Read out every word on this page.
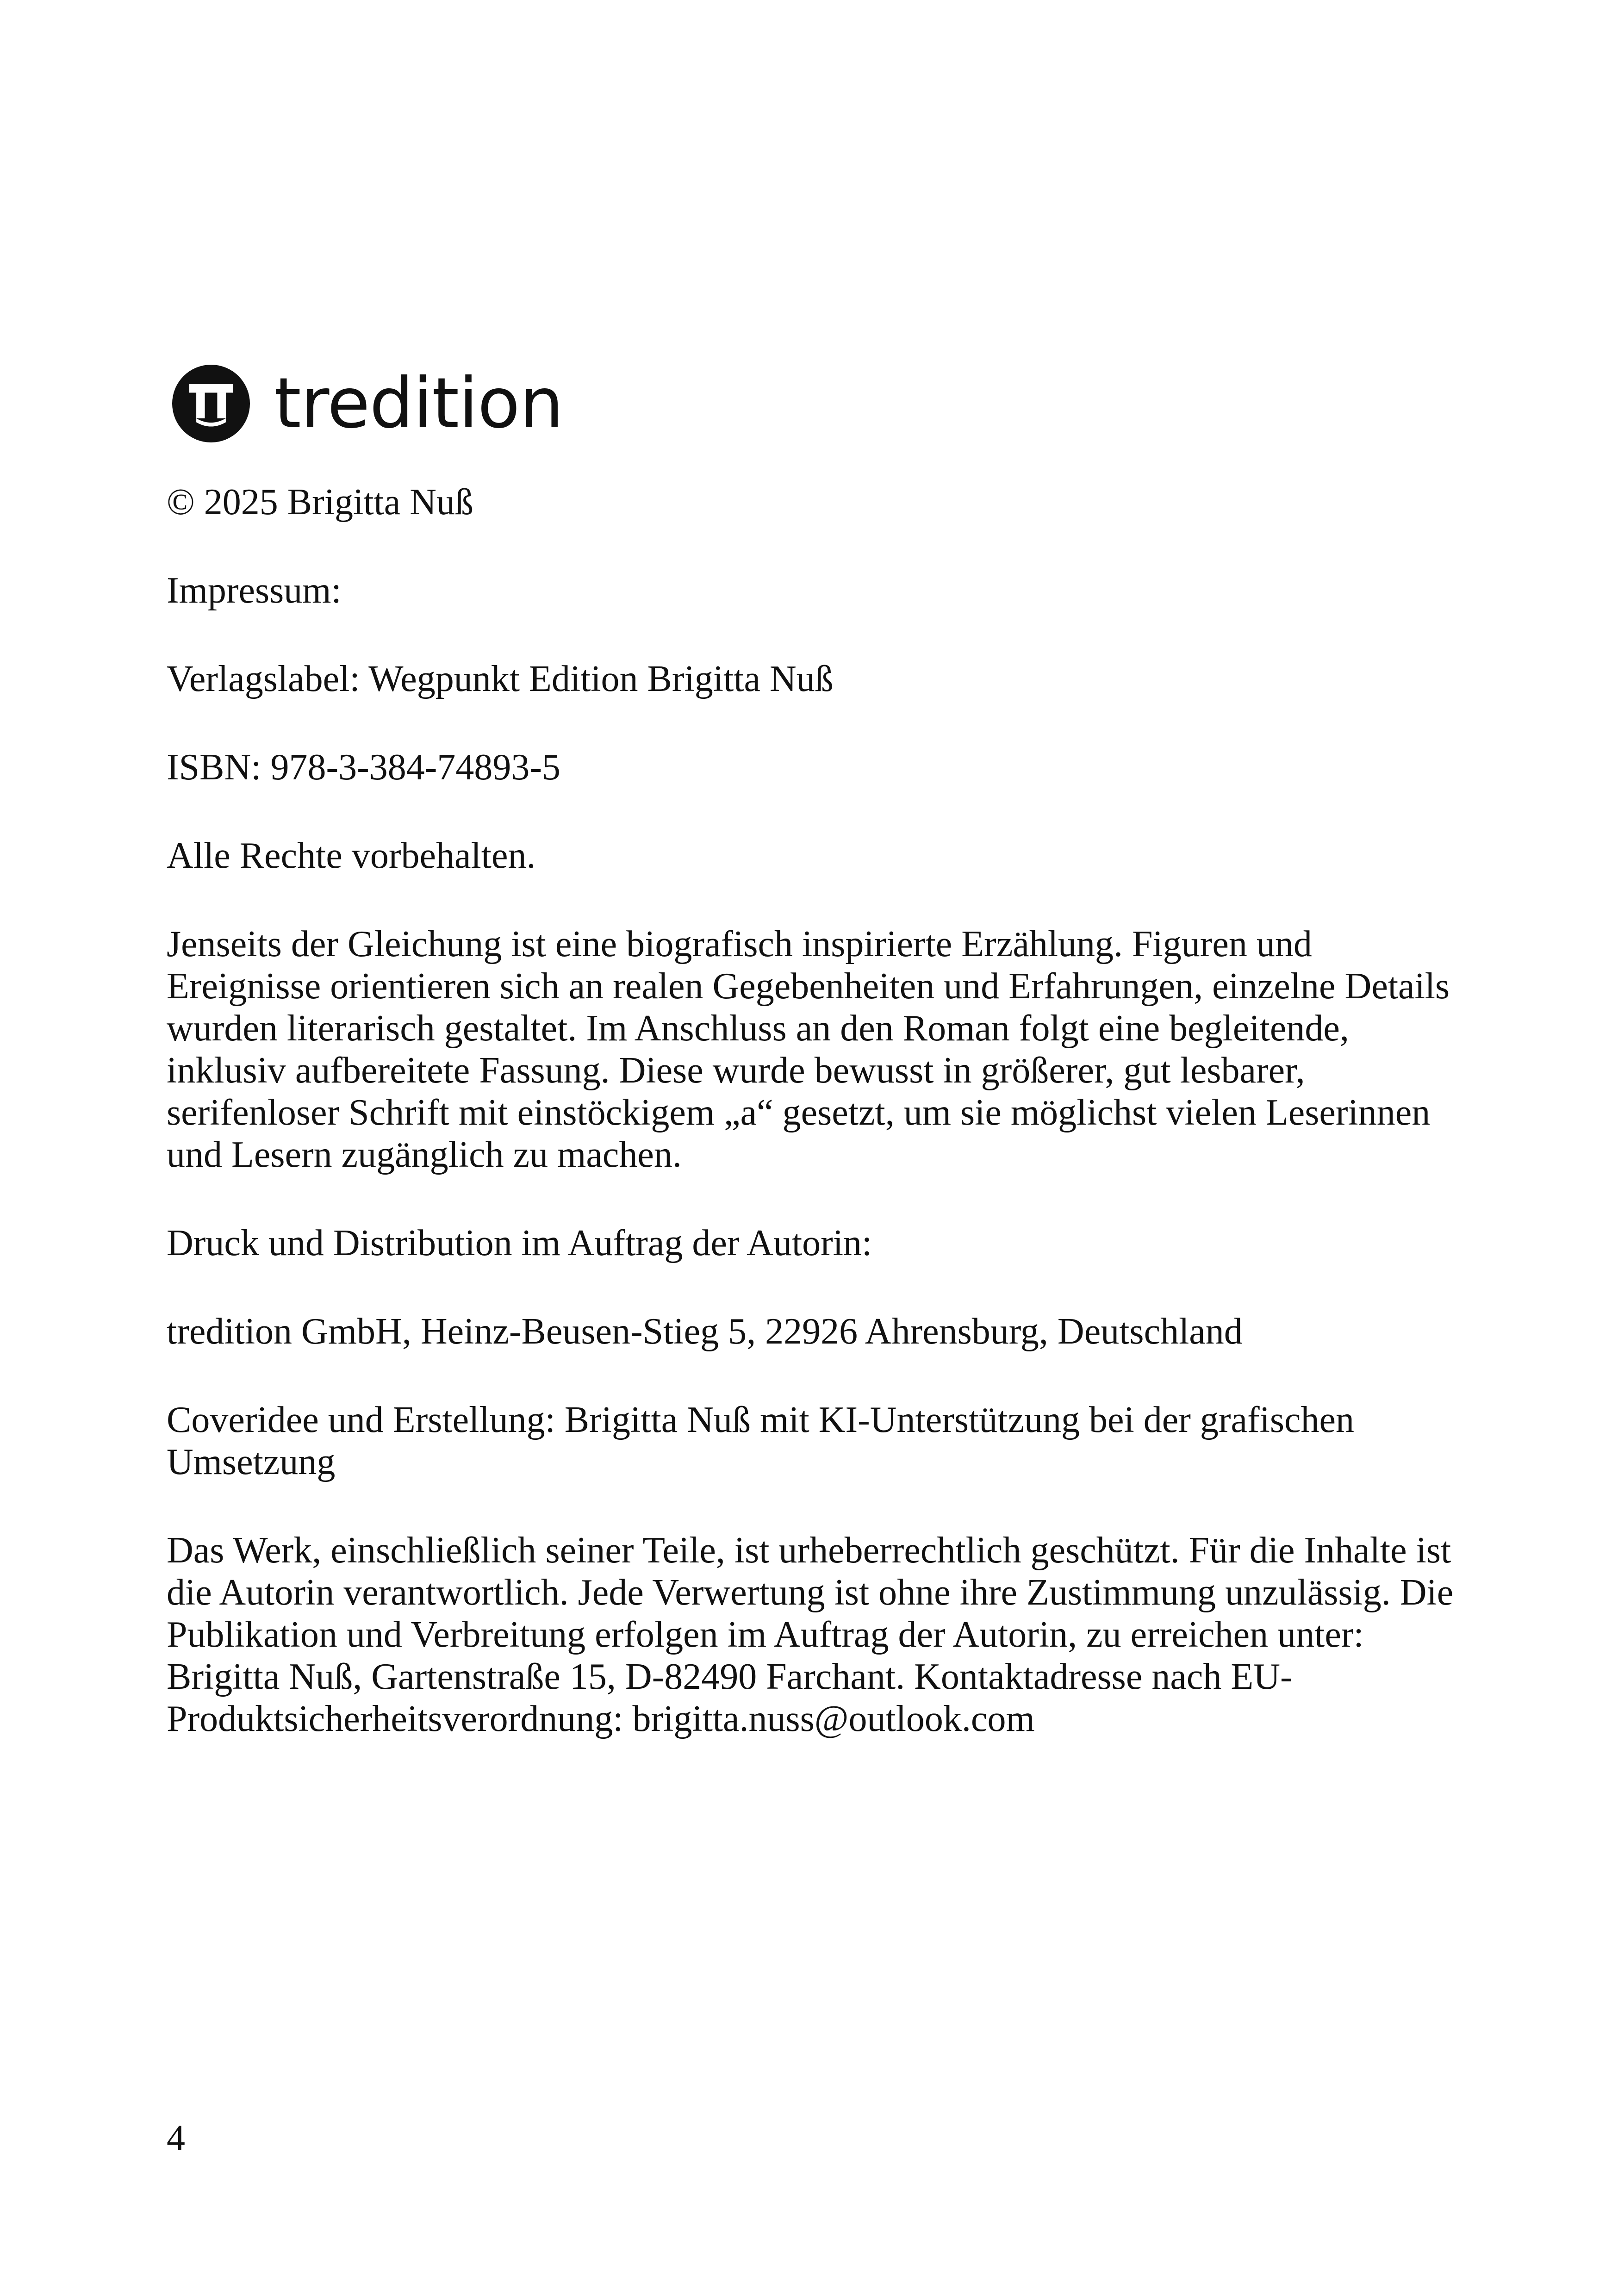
tredition

© 2025 Brigitta Nuß

Impressum:

Verlagslabel: Wegpunkt Edition Brigitta Nuß

ISBN: 978-3-384-74893-5

Alle Rechte vorbehalten.

Jenseits der Gleichung ist eine biografisch inspirierte Erzählung. Figuren und Ereignisse orientieren sich an realen Gegebenheiten und Erfahrungen, einzelne Details wurden literarisch gestaltet. Im Anschluss an den Roman folgt eine begleitende, inklusiv aufbereitete Fassung. Diese wurde bewusst in größerer, gut lesbarer, serifenloser Schrift mit einstöckigem „a“ gesetzt, um sie möglichst vielen Leserinnen und Lesern zugänglich zu machen.

Druck und Distribution im Auftrag der Autorin:

tredition GmbH, Heinz-Beusen-Stieg 5, 22926 Ahrensburg, Deutschland

Coveridee und Erstellung: Brigitta Nuß mit KI-Unterstützung bei der grafischen Umsetzung

Das Werk, einschließlich seiner Teile, ist urheberrechtlich geschützt. Für die Inhalte ist die Autorin verantwortlich. Jede Verwertung ist ohne ihre Zustimmung unzulässig. Die Publikation und Verbreitung erfolgen im Auftrag der Autorin, zu erreichen unter: Brigitta Nuß, Gartenstraße 15, D-82490 Farchant. Kontaktadresse nach EU-Produktsicherheitsverordnung: brigitta.nuss@outlook.com

4
